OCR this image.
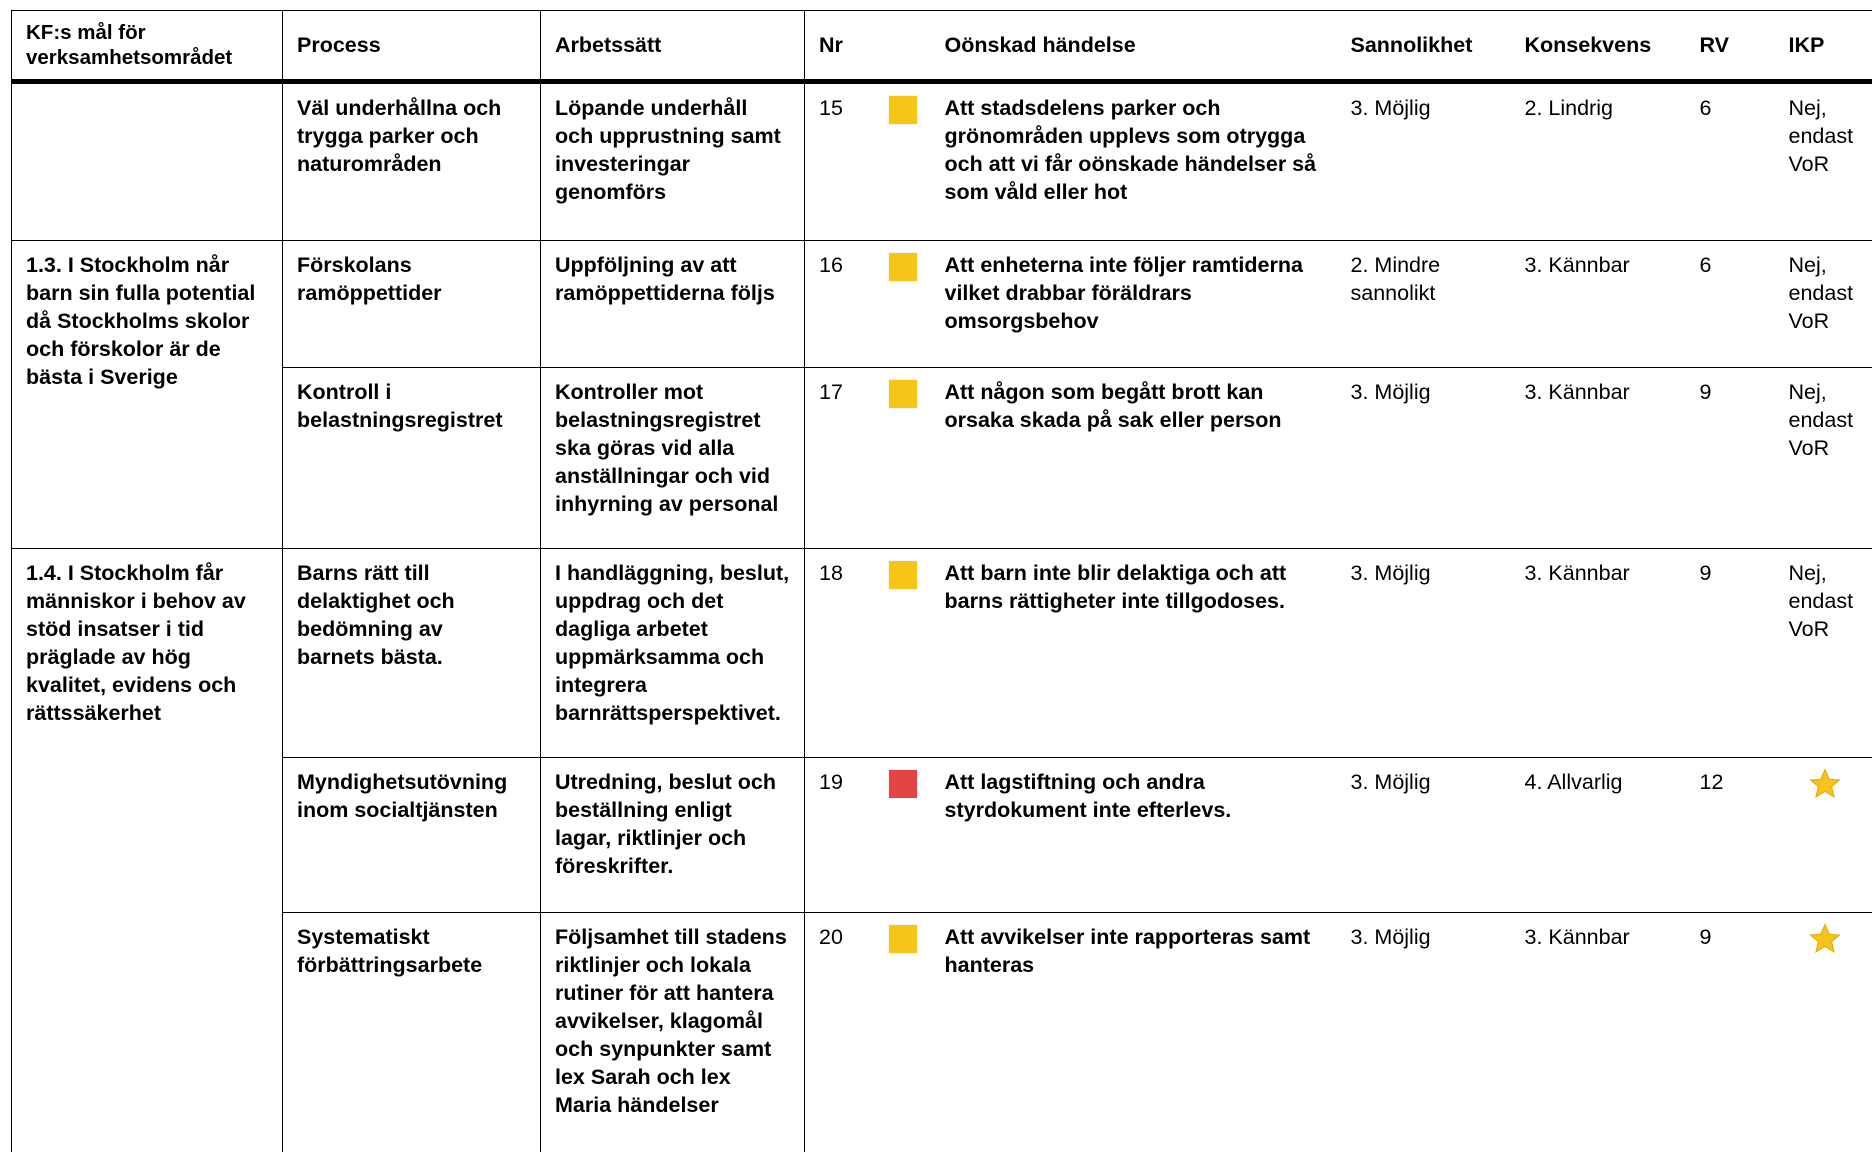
KF:s mål för verksamhetsområdet	Process	Arbetssätt	Nr		Oönskad händelse	Sannolikhet	Konsekvens	RV	IKP
	Väl underhållna och trygga parker och naturområden	Löpande underhåll och upprustning samt investeringar genomförs	15		Att stadsdelens parker och grönområden upplevs som otrygga och att vi får oönskade händelser så som våld eller hot	3. Möjlig	2. Lindrig	6	Nej, endast VoR
1.3. I Stockholm når barn sin fulla potential då Stockholms skolor och förskolor är de bästa i Sverige	Förskolans ramöppettider	Uppföljning av att ramöppettiderna följs	16		Att enheterna inte följer ramtiderna vilket drabbar föräldrars omsorgsbehov	2. Mindre sannolikt	3. Kännbar	6	Nej, endast VoR
	Kontroll i belastningsregistret	Kontroller mot belastningsregistret ska göras vid alla anställningar och vid inhyrning av personal	17		Att någon som begått brott kan orsaka skada på sak eller person	3. Möjlig	3. Kännbar	9	Nej, endast VoR
1.4. I Stockholm får människor i behov av stöd insatser i tid präglade av hög kvalitet, evidens och rättssäkerhet	Barns rätt till delaktighet och bedömning av barnets bästa.	I handläggning, beslut, uppdrag och det dagliga arbetet uppmärksamma och integrera barnrättsperspektivet.	18		Att barn inte blir delaktiga och att barns rättigheter inte tillgodoses.	3. Möjlig	3. Kännbar	9	Nej, endast VoR
	Myndighetsutövning inom socialtjänsten	Utredning, beslut och beställning enligt lagar, riktlinjer och föreskrifter.	19		Att lagstiftning och andra styrdokument inte efterlevs.	3. Möjlig	4. Allvarlig	12	
	Systematiskt förbättringsarbete	Följsamhet till stadens riktlinjer och lokala rutiner för att hantera avvikelser, klagomål och synpunkter samt lex Sarah och lex Maria händelser	20		Att avvikelser inte rapporteras samt hanteras	3. Möjlig	3. Kännbar	9	
